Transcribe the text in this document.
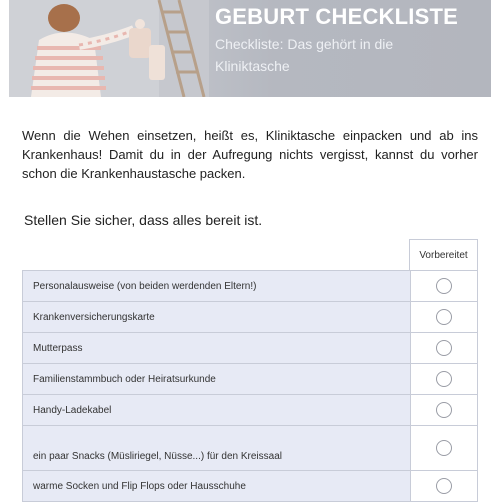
GEBURT CHECKLISTE

Checkliste: Das gehört in die Kliniktasche

Wenn die Wehen einsetzen, heißt es, Kliniktasche einpacken und ab ins Krankenhaus! Damit du in der Aufregung nichts vergisst, kannst du vorher schon die Krankenhaustasche packen.

Stellen Sie sicher, dass alles bereit ist.

Vorbereitet
Personalausweise (von beiden werdenden Eltern!)
Krankenversicherungskarte
Mutterpass
Familienstammbuch oder Heiratsurkunde
Handy-Ladekabel
ein paar Snacks (Müsliriegel, Nüsse...) für den Kreissaal
warme Socken und Flip Flops oder Hausschuhe
